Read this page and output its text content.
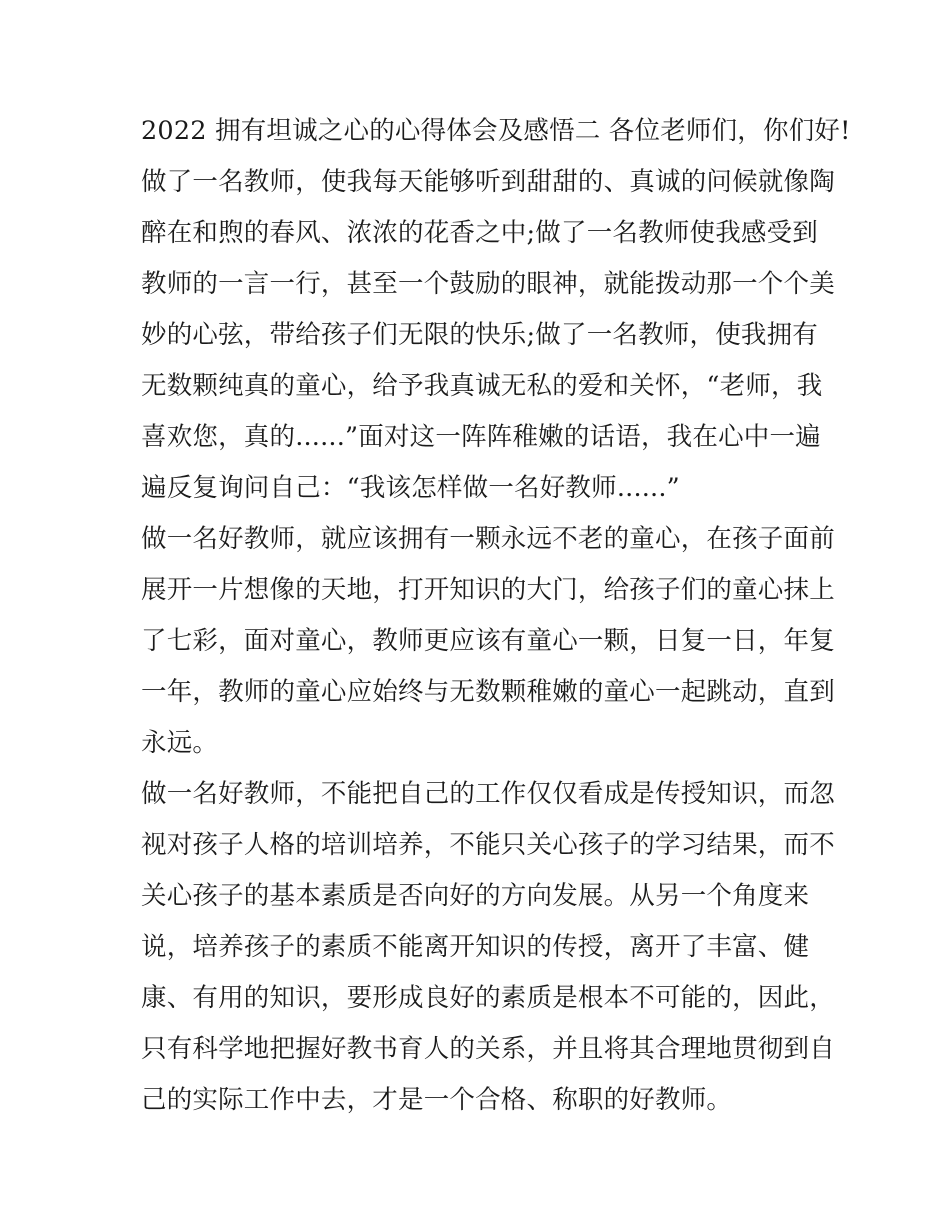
2022 拥有坦诚之心的心得体会及感悟二 各位老师们，你们好!
做了一名教师，使我每天能够听到甜甜的、真诚的问候就像陶
醉在和煦的春风、浓浓的花香之中;做了一名教师使我感受到
教师的一言一行，甚至一个鼓励的眼神，就能拨动那一个个美
妙的心弦，带给孩子们无限的快乐;做了一名教师，使我拥有
无数颗纯真的童心，给予我真诚无私的爱和关怀，“老师，我
喜欢您，真的......”面对这一阵阵稚嫩的话语，我在心中一遍
遍反复询问自己：“我该怎样做一名好教师......”
做一名好教师，就应该拥有一颗永远不老的童心，在孩子面前
展开一片想像的天地，打开知识的大门，给孩子们的童心抹上
了七彩，面对童心，教师更应该有童心一颗，日复一日，年复
一年，教师的童心应始终与无数颗稚嫩的童心一起跳动，直到
永远。
做一名好教师，不能把自己的工作仅仅看成是传授知识，而忽
视对孩子人格的培训培养，不能只关心孩子的学习结果，而不
关心孩子的基本素质是否向好的方向发展。从另一个角度来
说，培养孩子的素质不能离开知识的传授，离开了丰富、健
康、有用的知识，要形成良好的素质是根本不可能的，因此，
只有科学地把握好教书育人的关系，并且将其合理地贯彻到自
己的实际工作中去，才是一个合格、称职的好教师。
